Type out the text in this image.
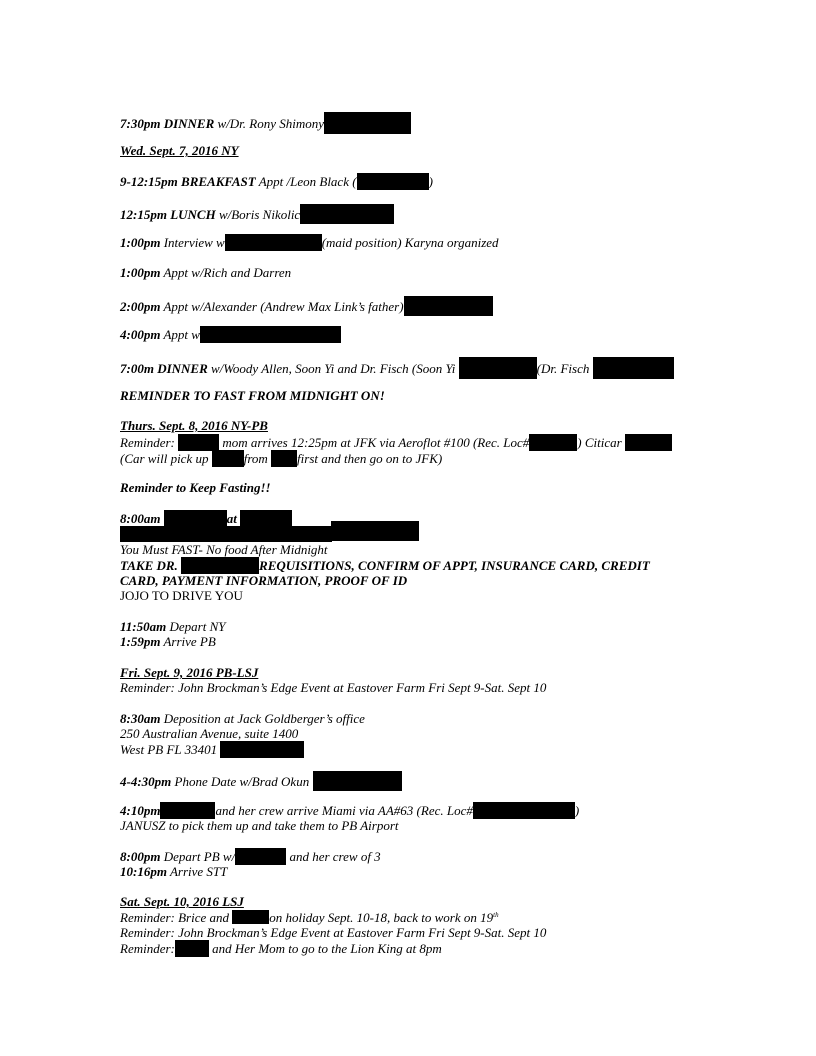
7:30pm DINNER w/Dr. Rony Shimony
Wed. Sept. 7, 2016 NY
9-12:15pm BREAKFAST Appt /Leon Black (	)
12:15pm LUNCH w/Boris Nikolic
1:00pm Interview w	(maid position) Karyna organized
1:00pm Appt w/Rich and Darren
2:00pm Appt w/Alexander (Andrew Max Link’s father)
4:00pm Appt w
7:00m DINNER w/Woody Allen, Soon Yi and Dr. Fisch (Soon Yi	(Dr. Fisch
REMINDER TO FAST FROM MIDNIGHT ON!
Thurs. Sept. 8, 2016 NY-PB
Reminder:	mom arrives 12:25pm at JFK via Aeroflot #100 (Rec. Loc#	) Citicar
(Car will pick up from first and then go on to JFK)
Reminder to Keep Fasting!!
8:00am	at
You Must FAST- No food After Midnight
TAKE DR.	REQUISITIONS, CONFIRM OF APPT, INSURANCE CARD, CREDIT
CARD, PAYMENT INFORMATION, PROOF OF ID
JOJO TO DRIVE YOU
11:50am Depart NY
1:59pm Arrive PB
Fri. Sept. 9, 2016 PB-LSJ
Reminder: John Brockman’s Edge Event at Eastover Farm Fri Sept 9-Sat. Sept 10
8:30am Deposition at Jack Goldberger’s office
250 Australian Avenue, suite 1400
West PB FL 33401
4-4:30pm Phone Date w/Brad Okun
4:10pm	and her crew arrive Miami via AA#63 (Rec. Loc#	)
JANUSZ to pick them up and take them to PB Airport
8:00pm Depart PB w/	and her crew of 3
10:16pm Arrive STT
Sat. Sept. 10, 2016 LSJ
Reminder: Brice and	on holiday Sept. 10-18, back to work on 19th
Reminder: John Brockman’s Edge Event at Eastover Farm Fri Sept 9-Sat. Sept 10
Reminder:	and Her Mom to go to the Lion King at 8pm
